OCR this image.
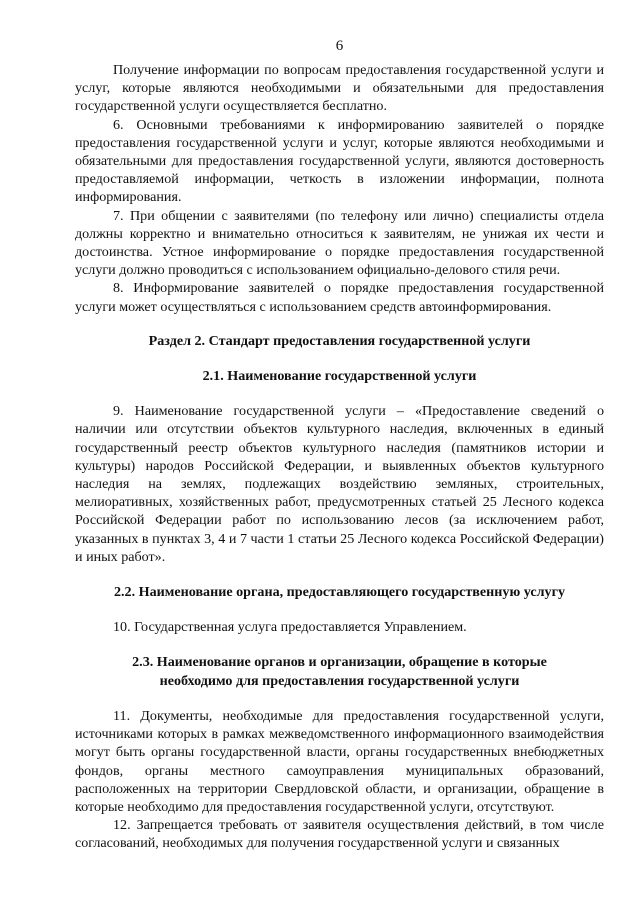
6

Получение информации по вопросам предоставления государственной услуги и услуг, которые являются необходимыми и обязательными для предоставления государственной услуги осуществляется бесплатно.

6. Основными требованиями к информированию заявителей о порядке предоставления государственной услуги и услуг, которые являются необходимыми и обязательными для предоставления государственной услуги, являются достоверность предоставляемой информации, четкость в изложении информации, полнота информирования.

7. При общении с заявителями (по телефону или лично) специалисты отдела должны корректно и внимательно относиться к заявителям, не унижая их чести и достоинства. Устное информирование о порядке предоставления государственной услуги должно проводиться с использованием официально-делового стиля речи.

8. Информирование заявителей о порядке предоставления государственной услуги может осуществляться с использованием средств автоинформирования.

Раздел 2. Стандарт предоставления государственной услуги
2.1. Наименование государственной услуги

9. Наименование государственной услуги – «Предоставление сведений о наличии или отсутствии объектов культурного наследия, включенных в единый государственный реестр объектов культурного наследия (памятников истории и культуры) народов Российской Федерации, и выявленных объектов культурного наследия на землях, подлежащих воздействию земляных, строительных, мелиоративных, хозяйственных работ, предусмотренных статьей 25 Лесного кодекса Российской Федерации работ по использованию лесов (за исключением работ, указанных в пунктах 3, 4 и 7 части 1 статьи 25 Лесного кодекса Российской Федерации) и иных работ».

2.2. Наименование органа, предоставляющего государственную услугу

10. Государственная услуга предоставляется Управлением.

2.3. Наименование органов и организации, обращение в которые
необходимо для предоставления государственной услуги

11. Документы, необходимые для предоставления государственной услуги, источниками которых в рамках межведомственного информационного взаимодействия могут быть органы государственной власти, органы государственных внебюджетных фондов, органы местного самоуправления муниципальных образований, расположенных на территории Свердловской области, и организации, обращение в которые необходимо для предоставления государственной услуги, отсутствуют.

12. Запрещается требовать от заявителя осуществления действий, в том числе согласований, необходимых для получения государственной услуги и связанных
